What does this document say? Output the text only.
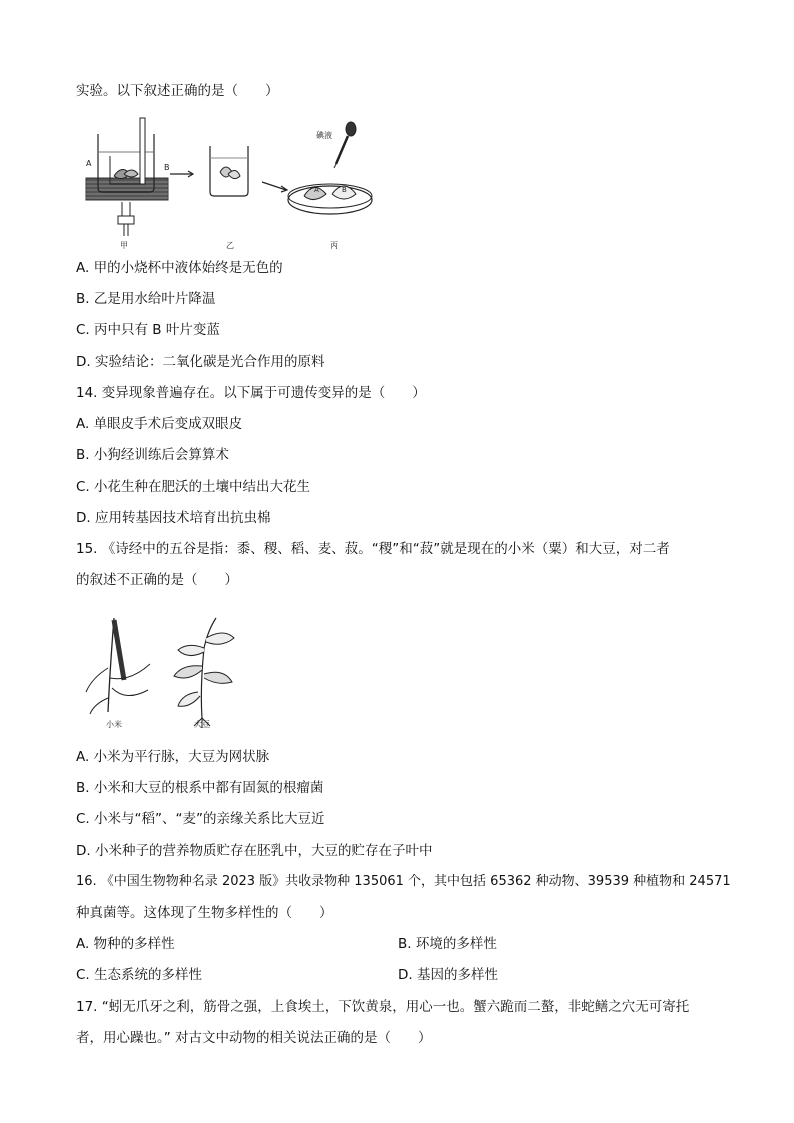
实验。以下叙述正确的是（　　）
A	B
碘液
A	B
甲	乙	丙
A. 甲的小烧杯中液体始终是无色的
B. 乙是用水给叶片降温
C. 丙中只有 B 叶片变蓝
D. 实验结论：二氧化碳是光合作用的原料
14. 变异现象普遍存在。以下属于可遗传变异的是（　　）
A. 单眼皮手术后变成双眼皮
B. 小狗经训练后会算算术
C. 小花生种在肥沃的土壤中结出大花生
D. 应用转基因技术培育出抗虫棉
15. 《诗经中的五谷是指：黍、稷、稻、麦、菽。“稷”和“菽”就是现在的小米（粟）和大豆，对二者
的叙述不正确的是（　　）
小米	大豆
A. 小米为平行脉，大豆为网状脉
B. 小米和大豆的根系中都有固氮的根瘤菌
C. 小米与“稻”、“麦”的亲缘关系比大豆近
D. 小米种子的营养物质贮存在胚乳中，大豆的贮存在子叶中
16. 《中国生物物种名录 2023 版》共收录物种 135061 个，其中包括 65362 种动物、39539 种植物和 24571
种真菌等。这体现了生物多样性的（　　）
A. 物种的多样性	B. 环境的多样性
C. 生态系统的多样性	D. 基因的多样性
17. “蚓无爪牙之利，筋骨之强，上食埃土，下饮黄泉，用心一也。蟹六跪而二螯，非蛇鳝之穴无可寄托
者，用心躁也。” 对古文中动物的相关说法正确的是（　　）
